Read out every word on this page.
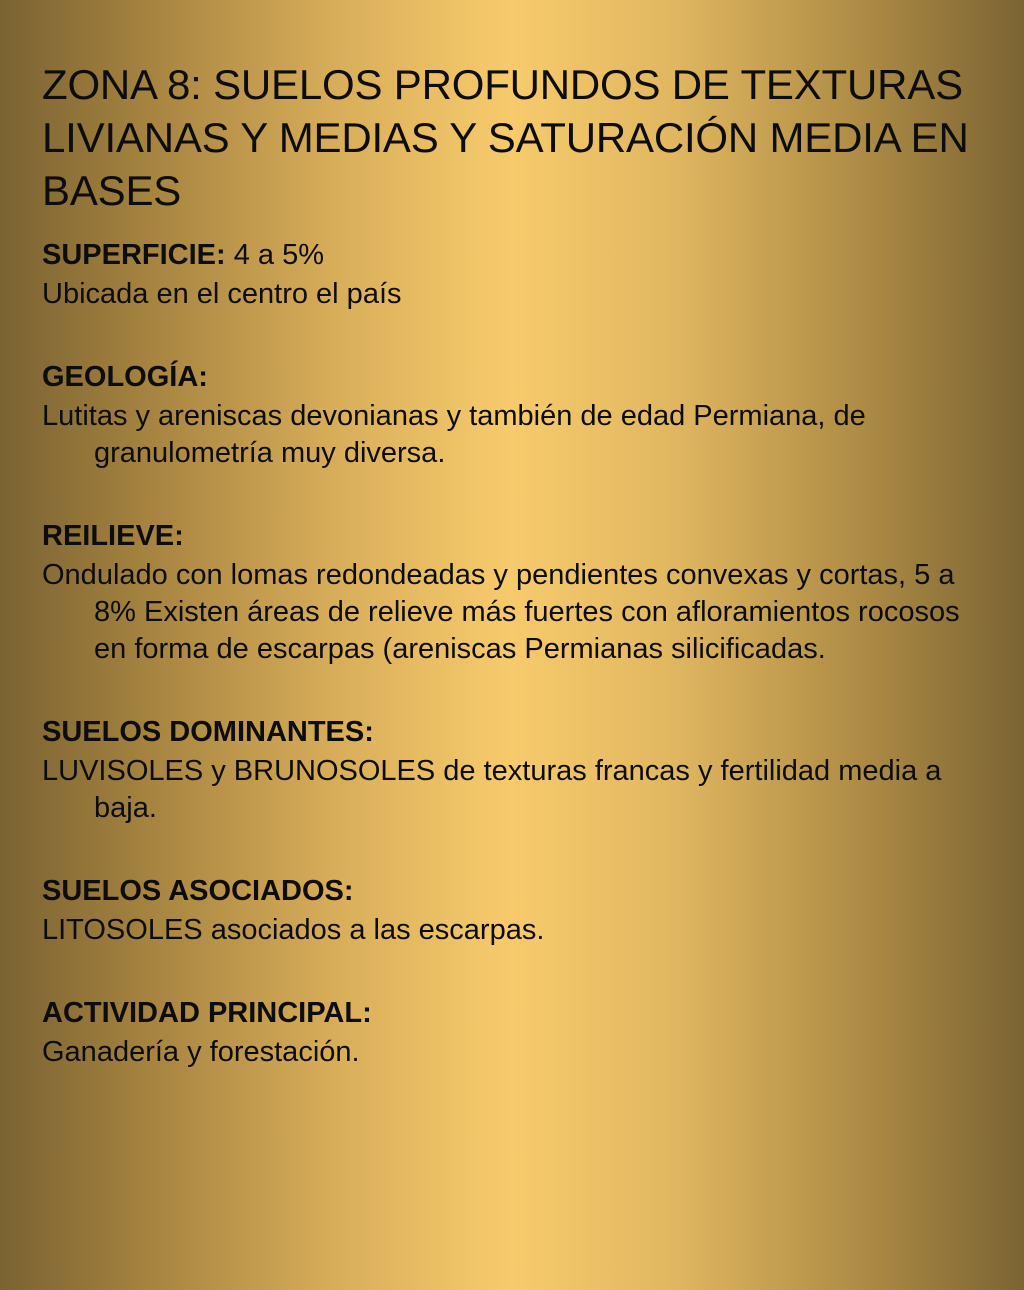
ZONA 8: SUELOS PROFUNDOS DE TEXTURAS LIVIANAS Y MEDIAS Y SATURACIÓN MEDIA EN BASES

SUPERFICIE: 4 a 5%

Ubicada en el centro el país

GEOLOGÍA:

Lutitas y areniscas devonianas y también de edad Permiana, de granulometría muy diversa.

REILIEVE:

Ondulado con lomas redondeadas y pendientes convexas y cortas, 5 a 8% Existen áreas de relieve más fuertes con afloramientos rocosos en forma de escarpas (areniscas Permianas silicificadas.

SUELOS DOMINANTES:

LUVISOLES y BRUNOSOLES de texturas francas y fertilidad media a baja.

SUELOS ASOCIADOS:

LITOSOLES asociados a las escarpas.

ACTIVIDAD PRINCIPAL:

Ganadería y forestación.
